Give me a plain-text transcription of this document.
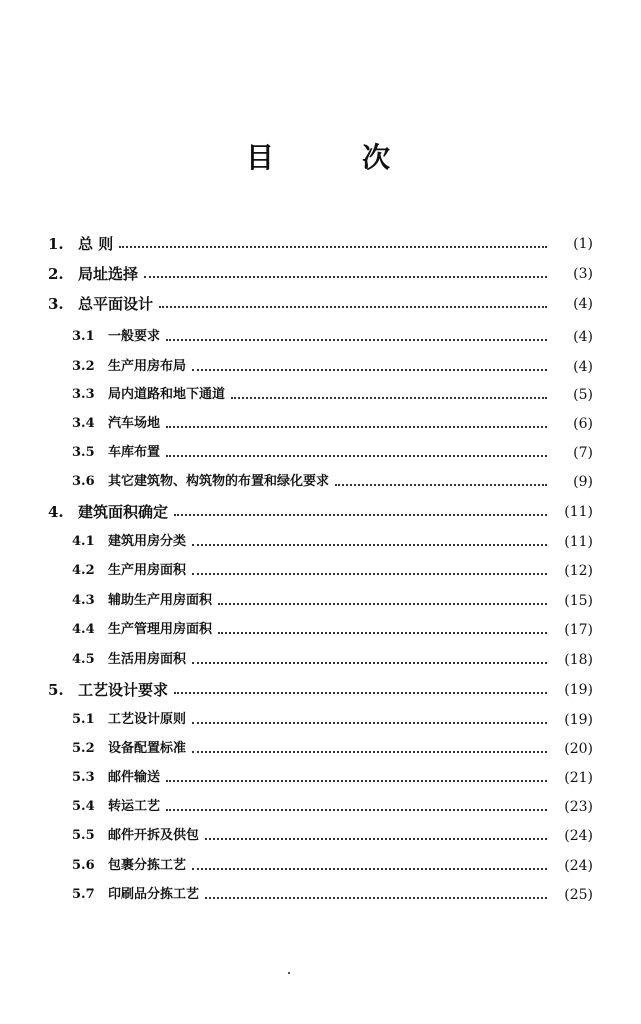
目	次
1. 总 则	(1)
2. 局址选择	(3)
3. 总平面设计	(4)
3.1	一般要求	(4)
3.2	生产用房布局	(4)
3.3	局内道路和地下通道	(5)
3.4	汽车场地	(6)
3.5	车库布置	(7)
3.6	其它建筑物、构筑物的布置和绿化要求	(9)
4. 建筑面积确定	(11)
4.1	建筑用房分类	(11)
4.2	生产用房面积	(12)
4.3	辅助生产用房面积	(15)
4.4	生产管理用房面积	(17)
4.5	生活用房面积	(18)
5. 工艺设计要求	(19)
5.1	工艺设计原则	(19)
5.2	设备配置标准	(20)
5.3	邮件输送	(21)
5.4	转运工艺	(23)
5.5	邮件开拆及供包	(24)
5.6	包裹分拣工艺	(24)
5.7	印刷品分拣工艺	(25)
